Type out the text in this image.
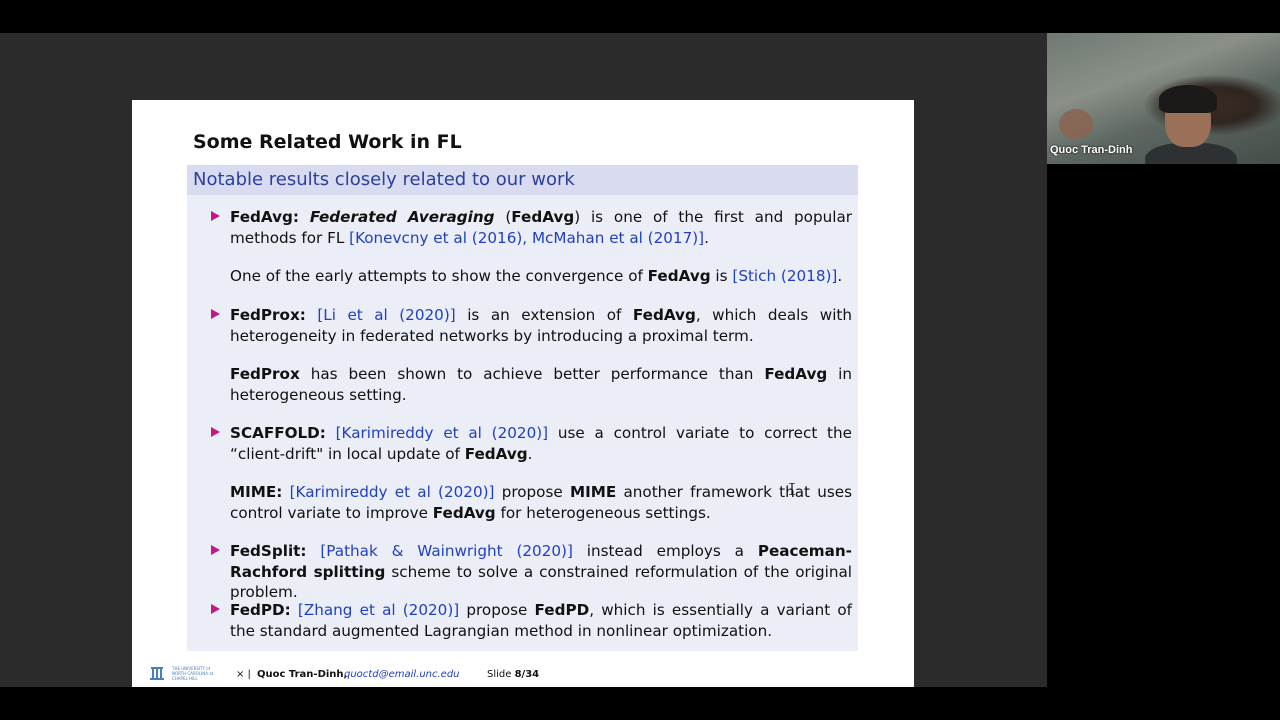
Some Related Work in FL
Notable results closely related to our work
FedAvg: Federated Averaging (FedAvg) is one of the first and popular methods for FL [Konevcny et al (2016), McMahan et al (2017)].
One of the early attempts to show the convergence of FedAvg is [Stich (2018)].
FedProx: [Li et al (2020)] is an extension of FedAvg, which deals with heterogeneity in federated networks by introducing a proximal term.
FedProx has been shown to achieve better performance than FedAvg in heterogeneous setting.
SCAFFOLD: [Karimireddy et al (2020)] use a control variate to correct the “client-drift" in local update of FedAvg.
MIME: [Karimireddy et al (2020)] propose MIME another framework that uses control variate to improve FedAvg for heterogeneous settings.
FedSplit: [Pathak & Wainwright (2020)] instead employs a Peaceman-Rachford splitting scheme to solve a constrained reformulation of the original problem.
FedPD: [Zhang et al (2020)] propose FedPD, which is essentially a variant of the standard augmented Lagrangian method in nonlinear optimization.
THE UNIVERSITY of NORTH CAROLINA at CHAPEL HILL	× | Quoc Tran-Dinh,
quoctd@email.unc.edu	Slide 8/34
Quoc Tran-Dinh
